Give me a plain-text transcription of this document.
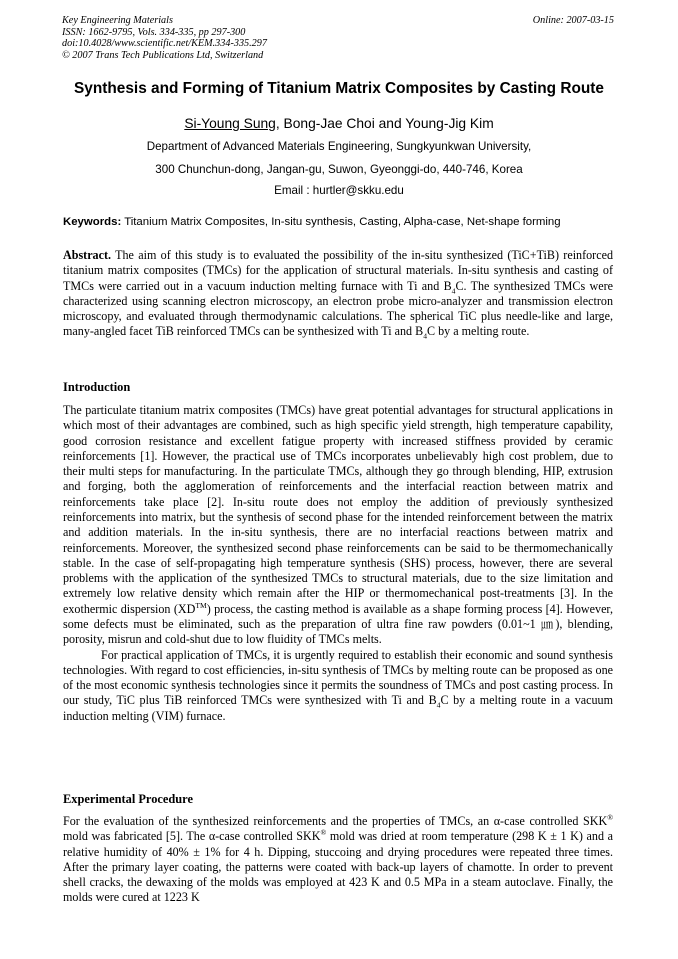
Key Engineering Materials
ISSN: 1662-9795, Vols. 334-335, pp 297-300
doi:10.4028/www.scientific.net/KEM.334-335.297
© 2007 Trans Tech Publications Ltd, Switzerland
Online: 2007-03-15
Synthesis and Forming of Titanium Matrix Composites by Casting Route
Si-Young Sung, Bong-Jae Choi and Young-Jig Kim
Department of Advanced Materials Engineering, Sungkyunkwan University,
300 Chunchun-dong, Jangan-gu, Suwon, Gyeonggi-do, 440-746, Korea
Email : hurtler@skku.edu
Keywords: Titanium Matrix Composites, In-situ synthesis, Casting, Alpha-case, Net-shape forming

Abstract. The aim of this study is to evaluated the possibility of the in-situ synthesized (TiC+TiB) reinforced titanium matrix composites (TMCs) for the application of structural materials. In-situ synthesis and casting of TMCs were carried out in a vacuum induction melting furnace with Ti and $B_4C$. The synthesized TMCs were characterized using scanning electron microscopy, an electron probe micro-analyzer and transmission electron microscopy, and evaluated through thermodynamic calculations. The spherical TiC plus needle-like and large, many-angled facet TiB reinforced TMCs can be synthesized with Ti and $B_4C$ by a melting route.

Introduction

The particulate titanium matrix composites (TMCs) have great potential advantages for structural applications in which most of their advantages are combined, such as high specific yield strength, high temperature capability, good corrosion resistance and excellent fatigue property with increased stiffness provided by ceramic reinforcements [1]. However, the practical use of TMCs incorporates unbelievably high cost problem, due to their multi steps for manufacturing. In the particulate TMCs, although they go through blending, HIP, extrusion and forging, both the agglomeration of reinforcements and the interfacial reaction between matrix and reinforcements take place [2]. In-situ route does not employ the addition of previously synthesized reinforcements into matrix, but the synthesis of second phase for the intended reinforcement between the matrix and addition materials. In the in-situ synthesis, there are no interfacial reactions between matrix and reinforcements. Moreover, the synthesized second phase reinforcements can be said to be thermomechanically stable. In the case of self-propagating high temperature synthesis (SHS) process, however, there are several problems with the application of the synthesized TMCs to structural materials, due to the size limitation and extremely low relative density which remain after the HIP or thermomechanical post-treatments [3]. In the exothermic dispersion (XD™) process, the casting method is available as a shape forming process [4]. However, some defects must be eliminated, such as the preparation of ultra fine raw powders (0.01~1 ㎛), blending, porosity, misrun and cold-shut due to low fluidity of TMCs melts.

For practical application of TMCs, it is urgently required to establish their economic and sound synthesis technologies. With regard to cost efficiencies, in-situ synthesis of TMCs by melting route can be proposed as one of the most economic synthesis technologies since it permits the soundness of TMCs and post casting process. In our study, TiC plus TiB reinforced TMCs were synthesized with Ti and $B_4C$ by a melting route in a vacuum induction melting (VIM) furnace.

Experimental Procedure

For the evaluation of the synthesized reinforcements and the properties of TMCs, an α-case controlled SKK® mold was fabricated [5]. The α-case controlled SKK® mold was dried at room temperature (298 K ± 1 K) and a relative humidity of 40% ± 1% for 4 h. Dipping, stuccoing and drying procedures were repeated three times. After the primary layer coating, the patterns were coated with back-up layers of chamotte. In order to prevent shell cracks, the dewaxing of the molds was employed at 423 K and 0.5 MPa in a steam autoclave. Finally, the molds were cured at 1223 K
